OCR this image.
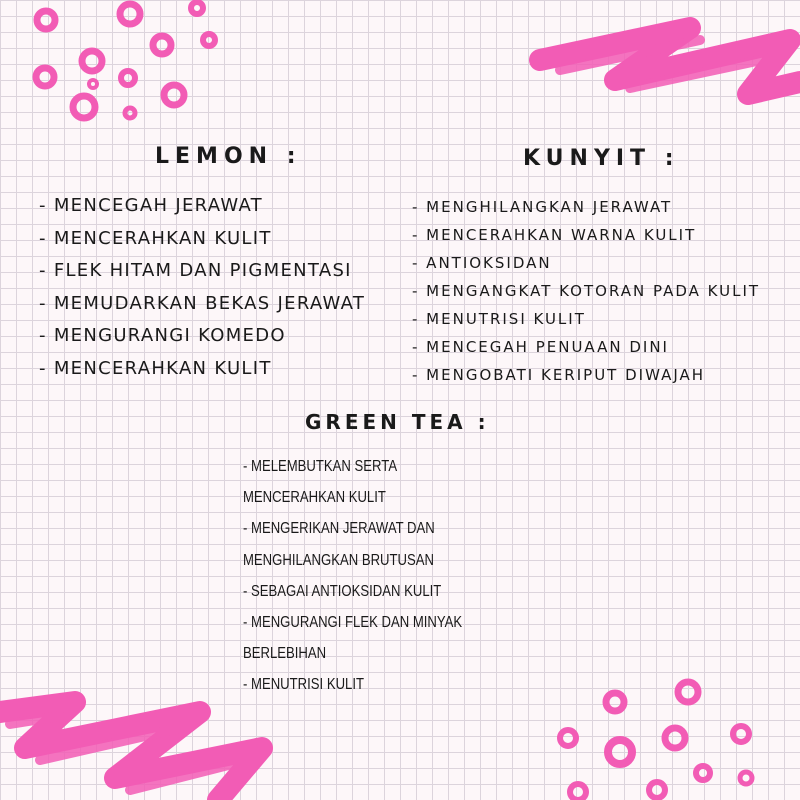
LEMON :
- MENCEGAH JERAWAT
- MENCERAHKAN KULIT
- FLEK HITAM DAN PIGMENTASI
- MEMUDARKAN BEKAS JERAWAT
- MENGURANGI KOMEDO
- MENCERAHKAN KULIT
KUNYIT :
- MENGHILANGKAN JERAWAT
- MENCERAHKAN WARNA KULIT
- ANTIOKSIDAN
- MENGANGKAT KOTORAN PADA KULIT
- MENUTRISI KULIT
- MENCEGAH PENUAAN DINI
- MENGOBATI KERIPUT DIWAJAH
GREEN TEA :
- MELEMBUTKAN SERTA
MENCERAHKAN KULIT
- MENGERIKAN JERAWAT DAN
MENGHILANGKAN BRUTUSAN
- SEBAGAI ANTIOKSIDAN KULIT
- MENGURANGI FLEK DAN MINYAK
BERLEBIHAN
- MENUTRISI KULIT
